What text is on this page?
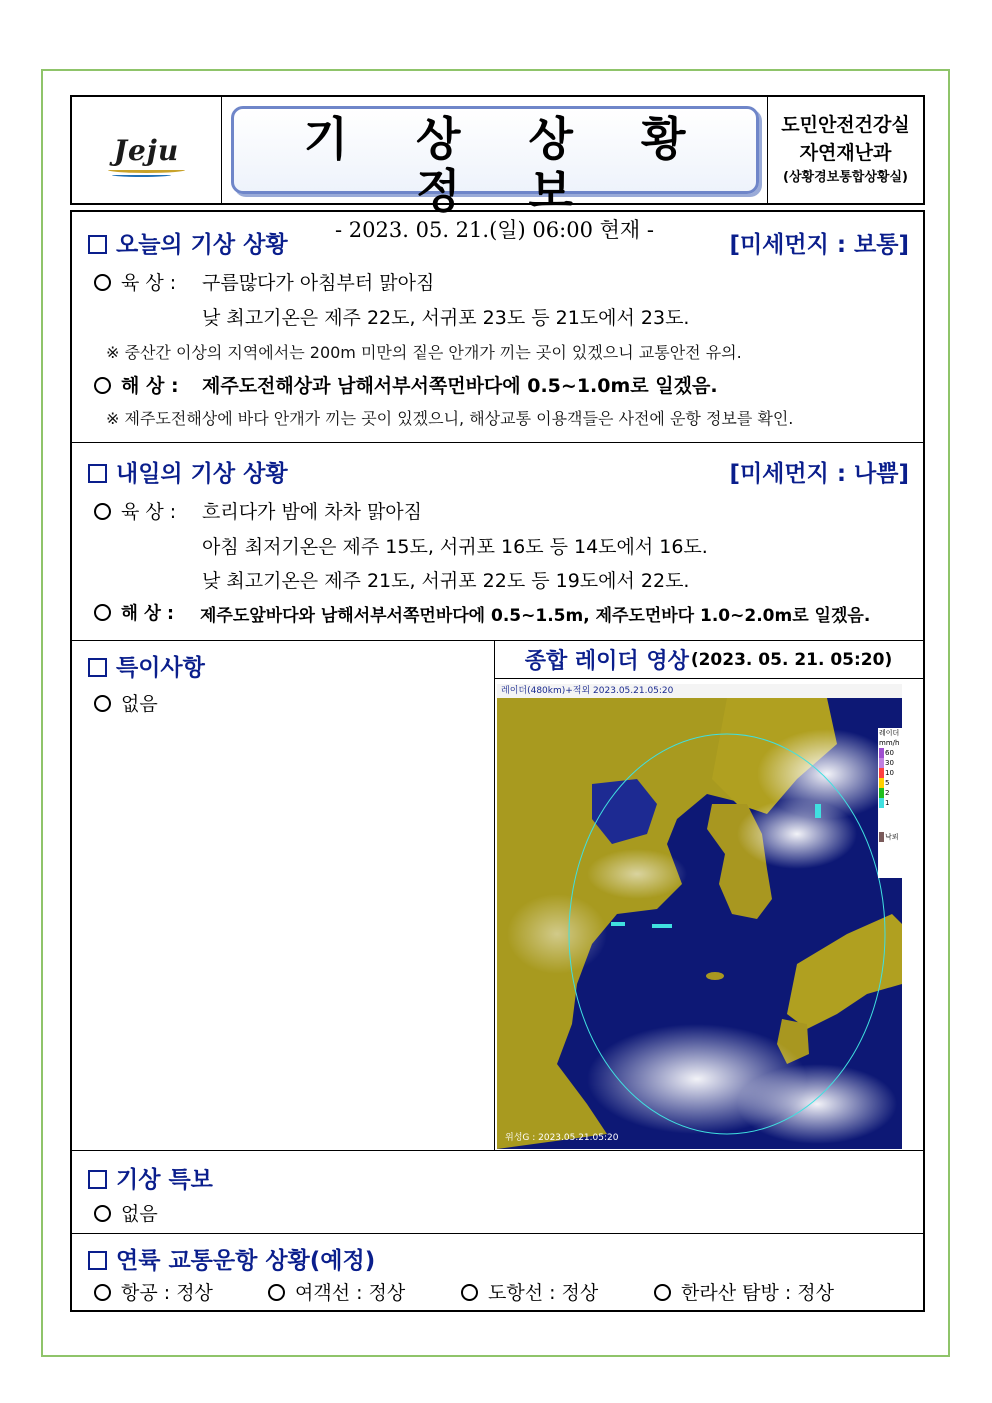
Jeju	기 상 상 황 정 보
- 2023. 05. 21.(일) 06:00 현재 -
도민안전건강실
자연재난과
(상황경보통합상황실)
오늘의 기상 상황	[미세먼지 : 보통]
육 상 : 구름많다가 아침부터 맑아짐
낮 최고기온은 제주 22도, 서귀포 23도 등 21도에서 23도.
※ 중산간 이상의 지역에서는 200m 미만의 짙은 안개가 끼는 곳이 있겠으니 교통안전 유의.
해 상 : 제주도전해상과 남해서부서쪽먼바다에 0.5~1.0m로 일겠음.
※ 제주도전해상에 바다 안개가 끼는 곳이 있겠으니, 해상교통 이용객들은 사전에 운항 정보를 확인.
내일의 기상 상황	[미세먼지 : 나쁨]
육 상 : 흐리다가 밤에 차차 맑아짐
아침 최저기온은 제주 15도, 서귀포 16도 등 14도에서 16도.
낮 최고기온은 제주 21도, 서귀포 22도 등 19도에서 22도.
해 상 : 제주도앞바다와 남해서부서쪽먼바다에 0.5~1.5m, 제주도먼바다 1.0~2.0m로 일겠음.
특이사항
없음
종합 레이더 영상 (2023. 05. 21. 05:20)
레이더(480km)+적외 2023.05.21.05:20
레이더
mm/h
60
30
10
5
2
1
낙뢰
위성G : 2023.05.21.05:20
기상 특보
없음
연륙 교통운항 상황(예정)
항공 : 정상	여객선 : 정상	도항선 : 정상	한라산 탐방 : 정상
